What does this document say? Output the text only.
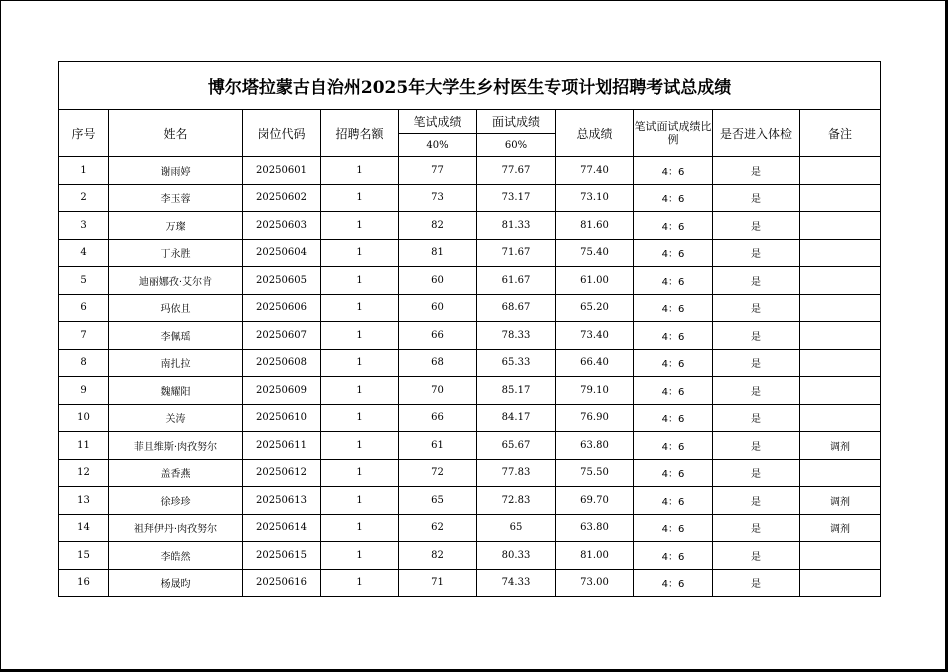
博尔塔拉蒙古自治州2025年大学生乡村医生专项计划招聘考试总成绩									
序号	姓名	岗位代码	招聘名额	笔试成绩	面试成绩	总成绩	笔试面试成绩比例	是否进入体检	备注
				40%	60%				
1	谢雨婷	20250601	1	77	77.67	77.40	4：6	是	
2	李玉蓉	20250602	1	73	73.17	73.10	4：6	是	
3	万璨	20250603	1	82	81.33	81.60	4：6	是	
4	丁永胜	20250604	1	81	71.67	75.40	4：6	是	
5	迪丽娜孜·艾尔肯	20250605	1	60	61.67	61.00	4：6	是	
6	玛依且	20250606	1	60	68.67	65.20	4：6	是	
7	李佩瑶	20250607	1	66	78.33	73.40	4：6	是	
8	南扎拉	20250608	1	68	65.33	66.40	4：6	是	
9	魏耀阳	20250609	1	70	85.17	79.10	4：6	是	
10	关涛	20250610	1	66	84.17	76.90	4：6	是	
11	菲且维斯·肉孜努尔	20250611	1	61	65.67	63.80	4：6	是	调剂
12	盖香燕	20250612	1	72	77.83	75.50	4：6	是	
13	徐珍珍	20250613	1	65	72.83	69.70	4：6	是	调剂
14	祖拜伊丹·肉孜努尔	20250614	1	62	65	63.80	4：6	是	调剂
15	李皓然	20250615	1	82	80.33	81.00	4：6	是	
16	杨晟昀	20250616	1	71	74.33	73.00	4：6	是	
